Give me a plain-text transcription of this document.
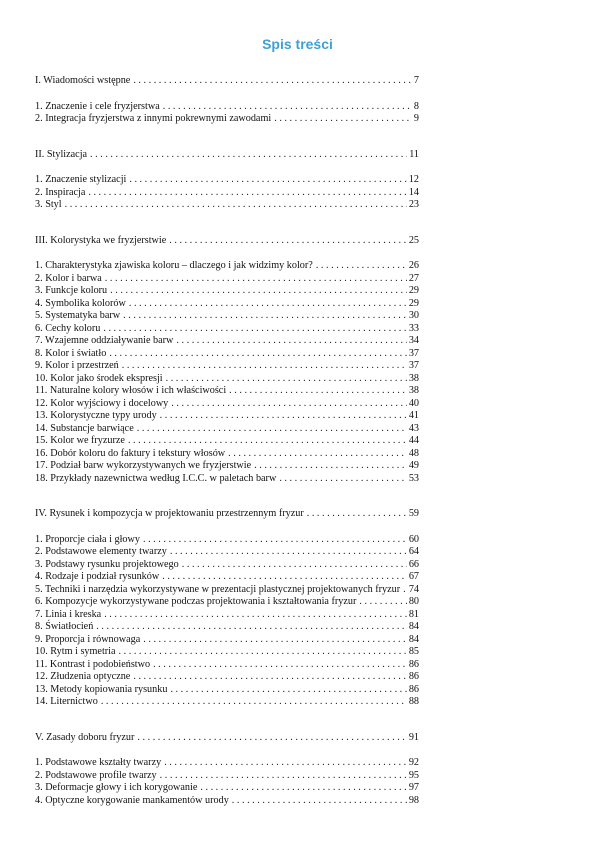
Spis treści
I. Wiadomości wstępne . . .	7
1. Znaczenie i cele fryzjerstwa . . .	8
2. Integracja fryzjerstwa z innymi pokrewnymi zawodami . . .	9
II. Stylizacja . . .	11
1. Znaczenie stylizacji . . .	12
2. Inspiracja . . .	14
3. Styl . . .	23
III. Kolorystyka we fryzjerstwie . . .	25
1. Charakterystyka zjawiska koloru – dlaczego i jak widzimy kolor? . . .	26
2. Kolor i barwa . . .	27
3. Funkcje koloru . . .	29
4. Symbolika kolorów . . .	29
5. Systematyka barw . . .	30
6. Cechy koloru . . .	33
7. Wzajemne oddziaływanie barw . . .	34
8. Kolor i światło . . .	37
9. Kolor i przestrzeń . . .	37
10. Kolor jako środek ekspresji . . .	38
11. Naturalne kolory włosów i ich właściwości . . .	38
12. Kolor wyjściowy i docelowy . . .	40
13. Kolorystyczne typy urody . . .	41
14. Substancje barwiące . . .	43
15. Kolor we fryzurze . . .	44
16. Dobór koloru do faktury i tekstury włosów . . .	48
17. Podział barw wykorzystywanych we fryzjerstwie . . .	49
18. Przykłady nazewnictwa według I.C.C. w paletach barw . . .	53
IV. Rysunek i kompozycja w projektowaniu przestrzennym fryzur . . .	59
1. Proporcje ciała i głowy . . .	60
2. Podstawowe elementy twarzy . . .	64
3. Podstawy rysunku projektowego . . .	66
4. Rodzaje i podział rysunków . . .	67
5. Techniki i narzędzia wykorzystywane w prezentacji plastycznej projektowanych fryzur . . . 74
6. Kompozycje wykorzystywane podczas projektowania i kształtowania fryzur . . .	80
7. Linia i kreska . . .	81
8. Światłocień . . .	84
9. Proporcja i równowaga . . .	84
10. Rytm i symetria . . .	85
11. Kontrast i podobieństwo . . .	86
12. Złudzenia optyczne . . .	86
13. Metody kopiowania rysunku . . .	86
14. Liternictwo . . .	88
V. Zasady doboru fryzur . . .	91
1. Podstawowe kształty twarzy . . .	92
2. Podstawowe profile twarzy . . .	95
3. Deformacje głowy i ich korygowanie . . .	97
4. Optyczne korygowanie mankamentów urody . . .	98
